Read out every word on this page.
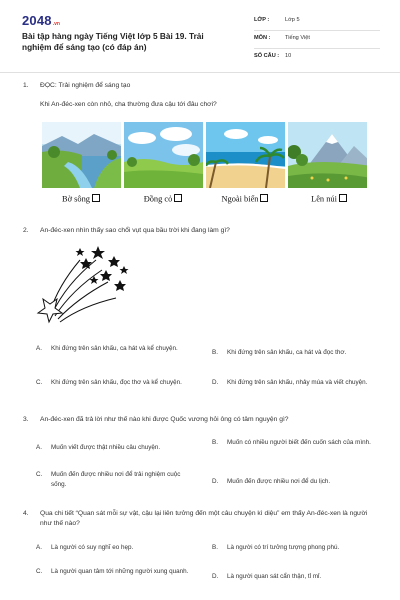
2048 .vn
Bài tập hàng ngày Tiếng Việt lớp 5 Bài 19. Trải nghiệm để sáng tạo (có đáp án)
LỚP :	Lớp 5
MÔN :	Tiếng Việt
SỐ CÂU : 10
1.	ĐỌC: Trải nghiệm để sáng tạo
Khi An-đéc-xen còn nhỏ, cha thường đưa cậu tới đâu chơi?
Bờ sông	Đồng cỏ	Ngoài biển	Lên núi
2.	An-đéc-xen nhìn thấy sao chổi vụt qua bầu trời khi đang làm gì?
A. Khi đứng trên sân khấu, ca hát và kể chuyện.
B. Khi đứng trên sân khấu, ca hát và đọc thơ.
C. Khi đứng trên sân khấu, đọc thơ và kể chuyện.	D. Khi đứng trên sân khấu, nhảy múa và viết chuyện.
3.	An-đéc-xen đã trả lời như thế nào khi được Quốc vương hỏi ông có tâm nguyện gì?
A. Muốn viết được thật nhiều câu chuyện.
B. Muốn có nhiều người biết đến cuốn sách của mình.
C. Muốn đến được nhiều nơi để trải nghiệm cuộc sống.	D. Muốn đến được nhiều nơi để du lịch.
4.	Qua chi tiết “Quan sát mỗi sự vật, cậu lại liên tưởng đến một câu chuyện kì diệu” em thấy An-đéc-xen là người như thế nào?
A. Là người có suy nghĩ eo hẹp.	B. Là người có trí tưởng tượng phong phú.
C. Là người quan tâm tới những người xung quanh.
D. Là người quan sát cẩn thận, tỉ mỉ.
